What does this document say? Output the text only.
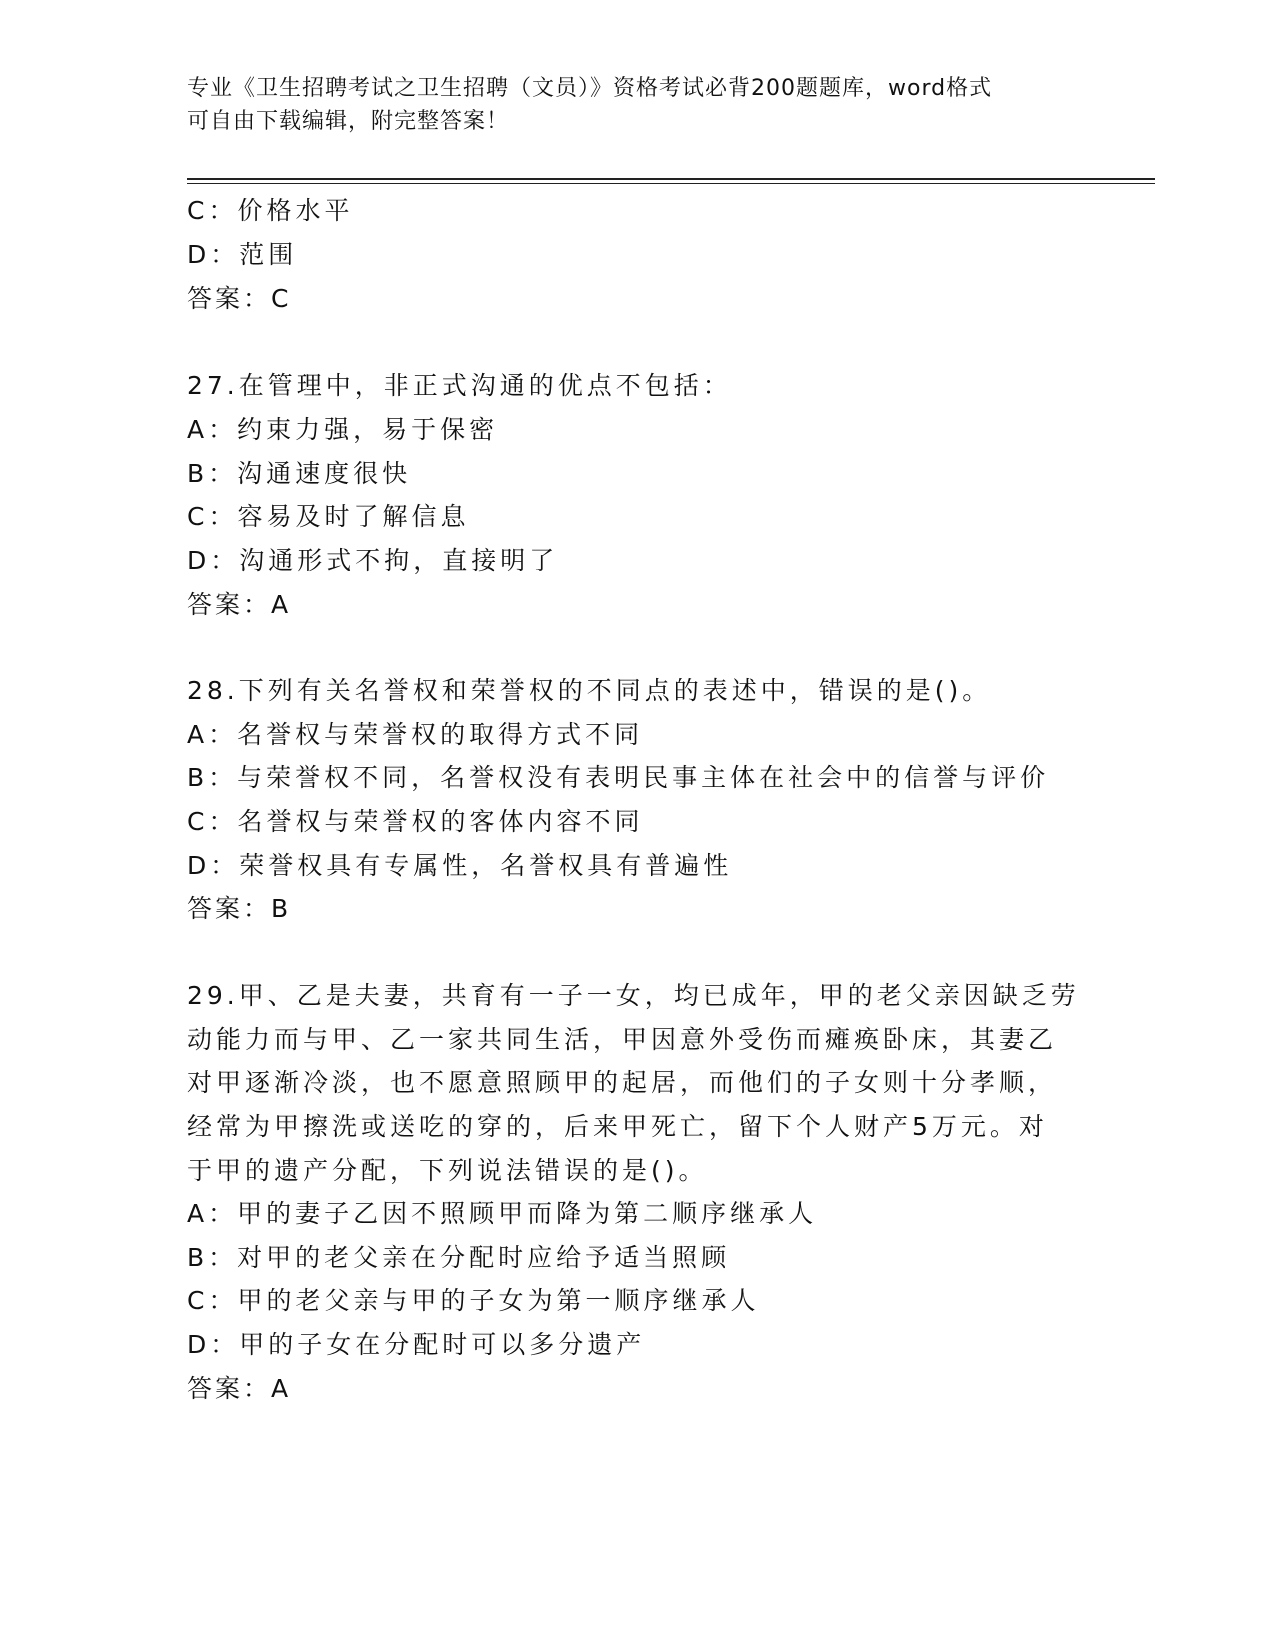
专业《卫生招聘考试之卫生招聘（文员）》资格考试必背200题题库，word格式
可自由下载编辑，附完整答案！
C：价格水平
D：范围
答案：C
27.在管理中，非正式沟通的优点不包括：
A：约束力强，易于保密
B：沟通速度很快
C：容易及时了解信息
D：沟通形式不拘，直接明了
答案：A
28.下列有关名誉权和荣誉权的不同点的表述中，错误的是()。
A：名誉权与荣誉权的取得方式不同
B：与荣誉权不同，名誉权没有表明民事主体在社会中的信誉与评价
C：名誉权与荣誉权的客体内容不同
D：荣誉权具有专属性，名誉权具有普遍性
答案：B
29.甲、乙是夫妻，共育有一子一女，均已成年，甲的老父亲因缺乏劳
动能力而与甲、乙一家共同生活，甲因意外受伤而瘫痪卧床，其妻乙
对甲逐渐冷淡，也不愿意照顾甲的起居，而他们的子女则十分孝顺，
经常为甲擦洗或送吃的穿的，后来甲死亡，留下个人财产5万元。对
于甲的遗产分配，下列说法错误的是()。
A：甲的妻子乙因不照顾甲而降为第二顺序继承人
B：对甲的老父亲在分配时应给予适当照顾
C：甲的老父亲与甲的子女为第一顺序继承人
D：甲的子女在分配时可以多分遗产
答案：A
